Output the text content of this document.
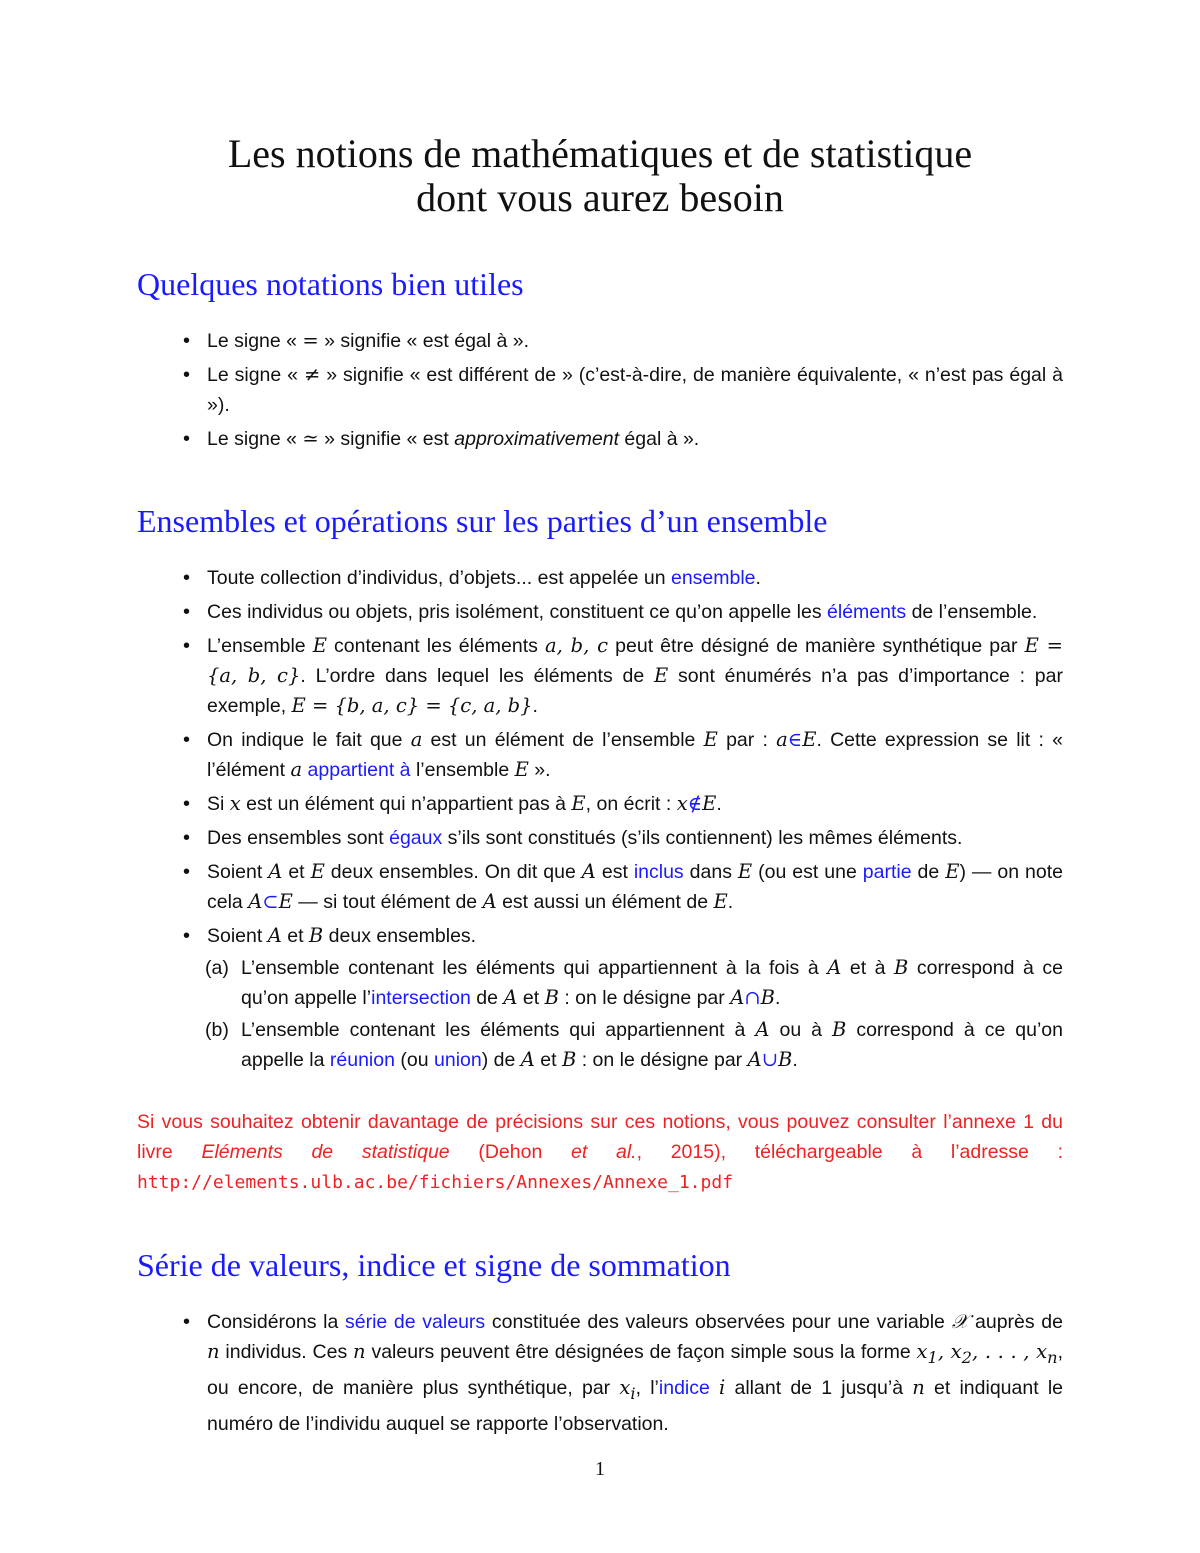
Les notions de mathématiques et de statistique
dont vous aurez besoin
Quelques notations bien utiles
• Le signe « = » signifie « est égal à ».
• Le signe « ≠ » signifie « est différent de » (c’est-à-dire, de manière équivalente, « n’est pas égal à »).
• Le signe « ≃ » signifie « est approximativement égal à ».
Ensembles et opérations sur les parties d’un ensemble
• Toute collection d’individus, d’objets... est appelée un ensemble.
• Ces individus ou objets, pris isolément, constituent ce qu’on appelle les éléments de l’ensemble.
• L’ensemble E contenant les éléments a, b, c peut être désigné de manière synthétique par E = {a, b, c}. L’ordre dans lequel les éléments de E sont énumérés n’a pas d’importance : par exemple, E = {b, a, c} = {c, a, b}.
• On indique le fait que a est un élément de l’ensemble E par : a∈E. Cette expression se lit : « l’élément a appartient à l’ensemble E ».
• Si x est un élément qui n’appartient pas à E, on écrit : x∉E.
• Des ensembles sont égaux s’ils sont constitués (s’ils contiennent) les mêmes éléments.
• Soient A et E deux ensembles. On dit que A est inclus dans E (ou est une partie de E) — on note cela A⊂E — si tout élément de A est aussi un élément de E.
• Soient A et B deux ensembles.
(a) L’ensemble contenant les éléments qui appartiennent à la fois à A et à B correspond à ce qu’on appelle l’intersection de A et B : on le désigne par A∩B.
(b) L’ensemble contenant les éléments qui appartiennent à A ou à B correspond à ce qu’on appelle la réunion (ou union) de A et B : on le désigne par A∪B.
Si vous souhaitez obtenir davantage de précisions sur ces notions, vous pouvez consulter l’annexe 1 du livre Eléments de statistique (Dehon et al., 2015), téléchargeable à l’adresse : http://elements.ulb.ac.be/fichiers/Annexes/Annexe_1.pdf
Série de valeurs, indice et signe de sommation
• Considérons la série de valeurs constituée des valeurs observées pour une variable 𝒳 auprès de n individus. Ces n valeurs peuvent être désignées de façon simple sous la forme $x_1$, $x_2$, . . . , $x_n$, ou encore, de manière plus synthétique, par $x_i$, l’indice i allant de 1 jusqu’à n et indiquant le numéro de l’individu auquel se rapporte l’observation.
1
